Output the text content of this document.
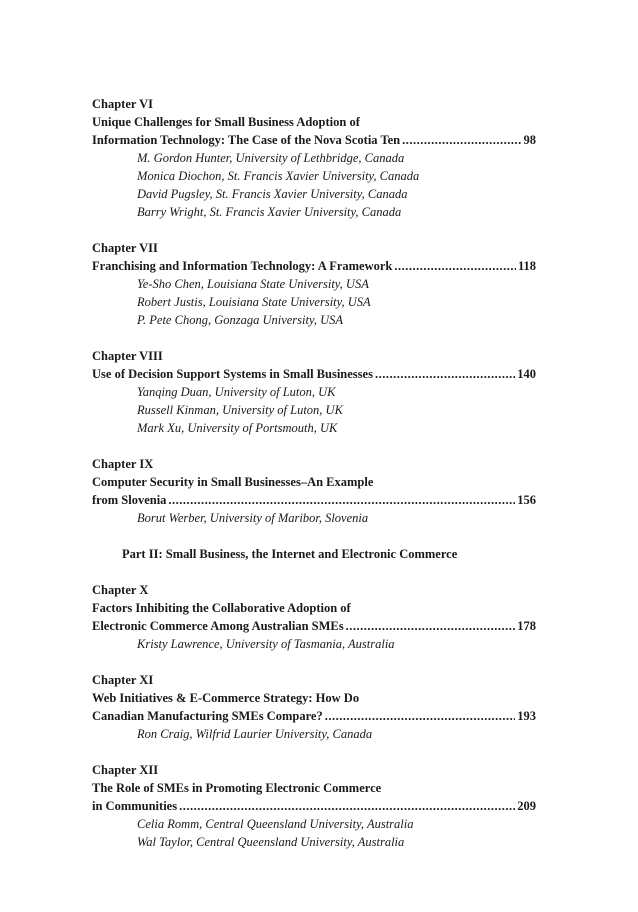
Chapter VI
Unique Challenges for Small Business Adoption of
Information Technology: The Case of the Nova Scotia Ten .....	98
M. Gordon Hunter, University of Lethbridge, Canada
Monica Diochon, St. Francis Xavier University, Canada
David Pugsley, St. Francis Xavier University, Canada
Barry Wright, St. Francis Xavier University, Canada
Chapter VII
Franchising and Information Technology: A Framework .....	118
Ye-Sho Chen, Louisiana State University, USA
Robert Justis, Louisiana State University, USA
P. Pete Chong, Gonzaga University, USA
Chapter VIII
Use of Decision Support Systems in Small Businesses .....	140
Yanqing Duan, University of Luton, UK
Russell Kinman, University of Luton, UK
Mark Xu, University of Portsmouth, UK
Chapter IX
Computer Security in Small Businesses–An Example
from Slovenia .....	156
Borut Werber, University of Maribor, Slovenia
Part II: Small Business, the Internet and Electronic Commerce
Chapter X
Factors Inhibiting the Collaborative Adoption of
Electronic Commerce Among Australian SMEs .....	178
Kristy Lawrence, University of Tasmania, Australia
Chapter XI
Web Initiatives & E-Commerce Strategy: How Do
Canadian Manufacturing SMEs Compare? .....	193
Ron Craig, Wilfrid Laurier University, Canada
Chapter XII
The Role of SMEs in Promoting Electronic Commerce
in Communities .....	209
Celia Romm, Central Queensland University, Australia
Wal Taylor, Central Queensland University, Australia
